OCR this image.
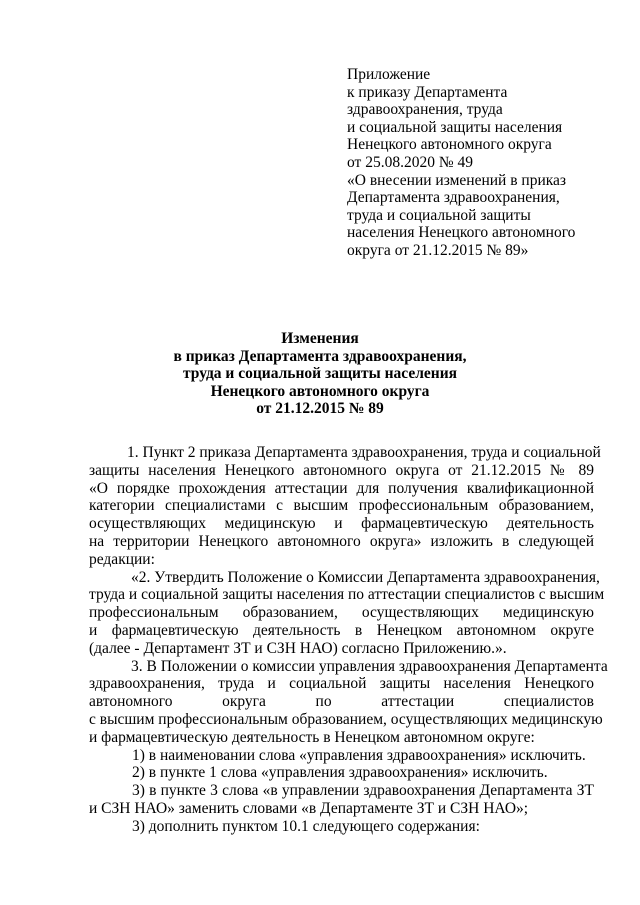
Приложение
к приказу Департамента
здравоохранения, труда
и социальной защиты населения
Ненецкого автономного округа
от 25.08.2020 № 49
«О внесении изменений в приказ
Департамента здравоохранения,
труда и социальной защиты
населения Ненецкого автономного
округа от 21.12.2015 № 89»
Изменения
в приказ Департамента здравоохранения,
труда и социальной защиты населения
Ненецкого автономного округа
от 21.12.2015 № 89
1. Пункт 2 приказа Департамента здравоохранения, труда и социальной
защиты населения Ненецкого автономного округа от 21.12.2015 № 89
«О порядке прохождения аттестации для получения квалификационной
категории специалистами с высшим профессиональным образованием,
осуществляющих медицинскую и фармацевтическую деятельность
на территории Ненецкого автономного округа» изложить в следующей
редакции:
«2. Утвердить Положение о Комиссии Департамента здравоохранения,
труда и социальной защиты населения по аттестации специалистов с высшим
профессиональным образованием, осуществляющих медицинскую
и фармацевтическую деятельность в Ненецком автономном округе
(далее - Департамент ЗТ и СЗН НАО) согласно Приложению.».
3. В Положении о комиссии управления здравоохранения Департамента
здравоохранения, труда и социальной защиты населения Ненецкого
автономного округа по аттестации специалистов
с высшим профессиональным образованием, осуществляющих медицинскую
и фармацевтическую деятельность в Ненецком автономном округе:
1) в наименовании слова «управления здравоохранения» исключить.
2) в пункте 1 слова «управления здравоохранения» исключить.
3) в пункте 3 слова «в управлении здравоохранения Департамента ЗТ
и СЗН НАО» заменить словами «в Департаменте ЗТ и СЗН НАО»;
3) дополнить пунктом 10.1 следующего содержания:
